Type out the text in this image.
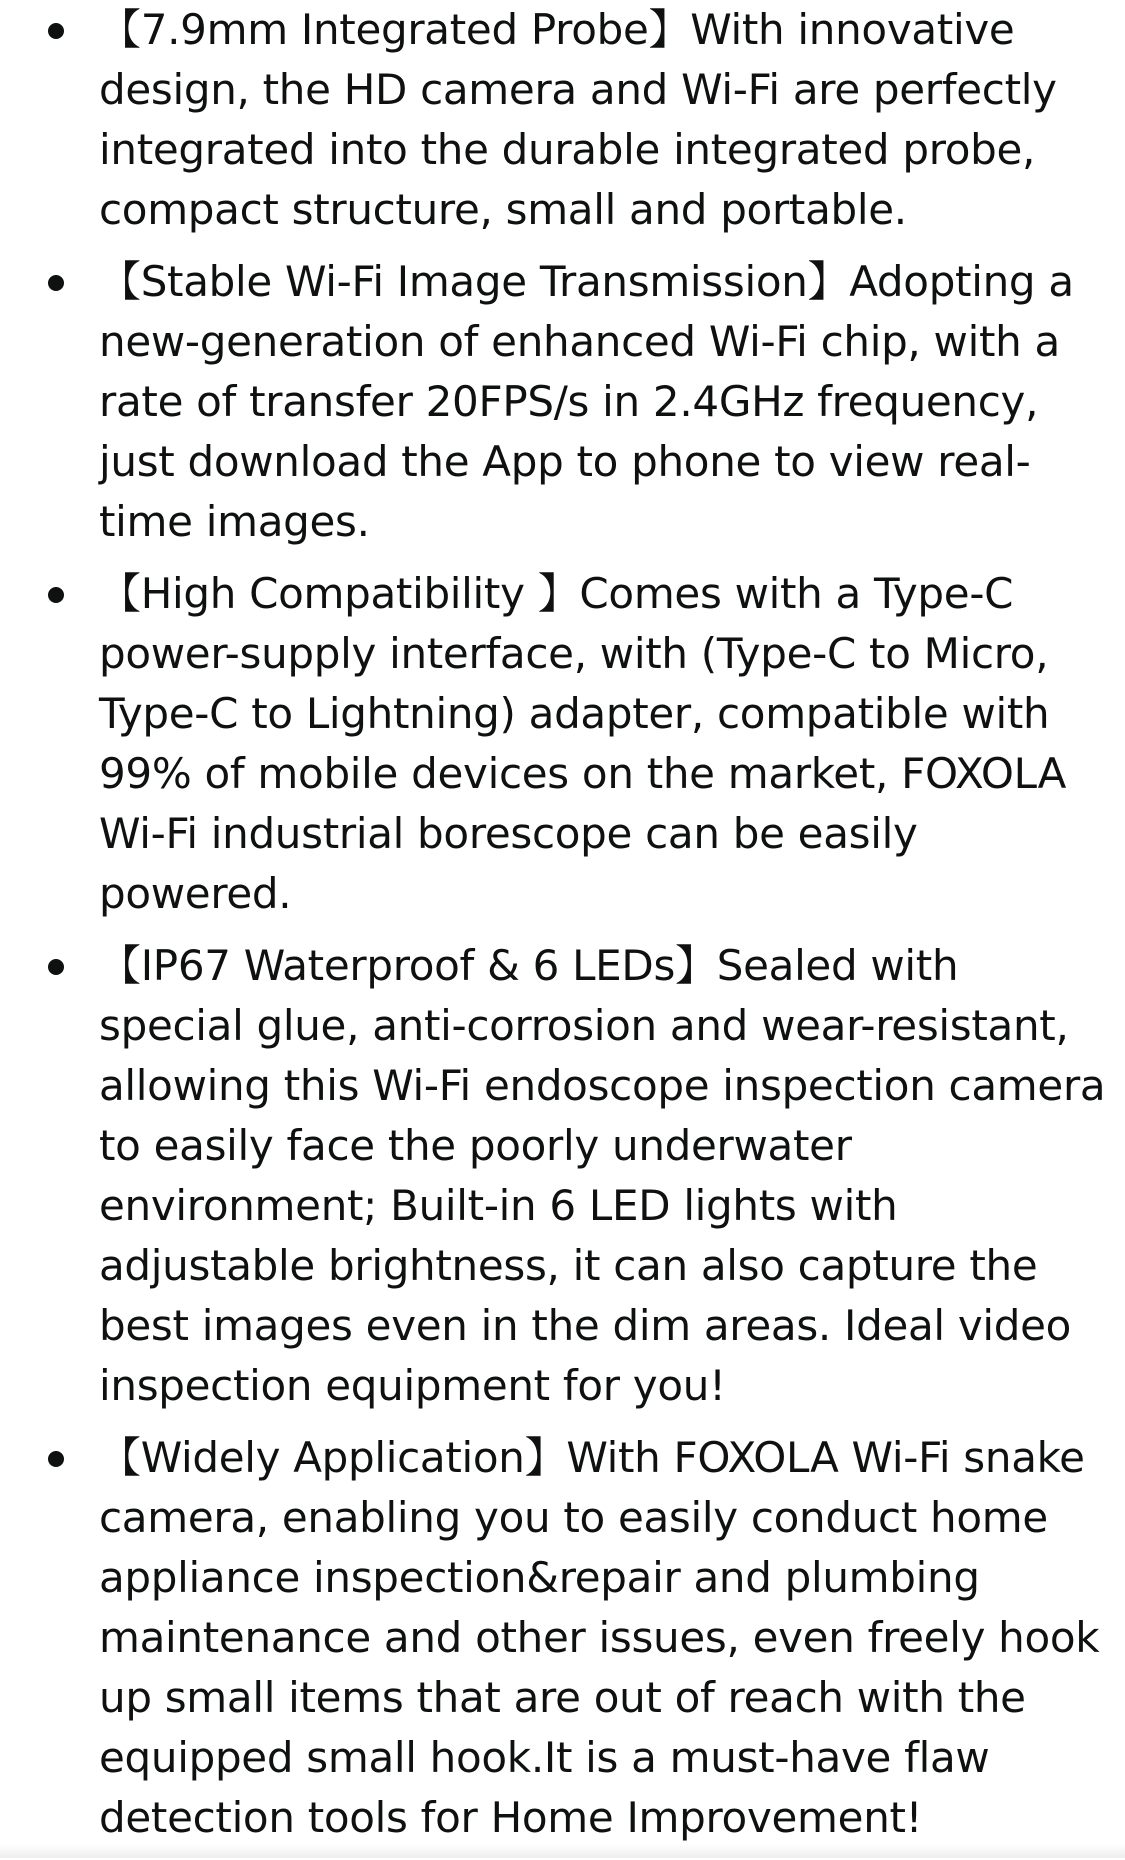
【7.9mm Integrated Probe】With innovative design, the HD camera and Wi-Fi are perfectly integrated into the durable integrated probe, compact structure, small and portable.
【Stable Wi-Fi Image Transmission】Adopting a new-generation of enhanced Wi-Fi chip, with a rate of transfer 20FPS/s in 2.4GHz frequency, just download the App to phone to view real-time images.
【High Compatibility 】Comes with a Type-C power-supply interface, with (Type-C to Micro, Type-C to Lightning) adapter, compatible with 99% of mobile devices on the market, FOXOLA Wi-Fi industrial borescope can be easily powered.
【IP67 Waterproof & 6 LEDs】Sealed with special glue, anti-corrosion and wear-resistant, allowing this Wi-Fi endoscope inspection camera to easily face the poorly underwater environment; Built-in 6 LED lights with adjustable brightness, it can also capture the best images even in the dim areas. Ideal video inspection equipment for you!
【Widely Application】With FOXOLA Wi-Fi snake camera, enabling you to easily conduct home appliance inspection&repair and plumbing maintenance and other issues, even freely hook up small items that are out of reach with the equipped small hook.It is a must-have flaw detection tools for Home Improvement!
